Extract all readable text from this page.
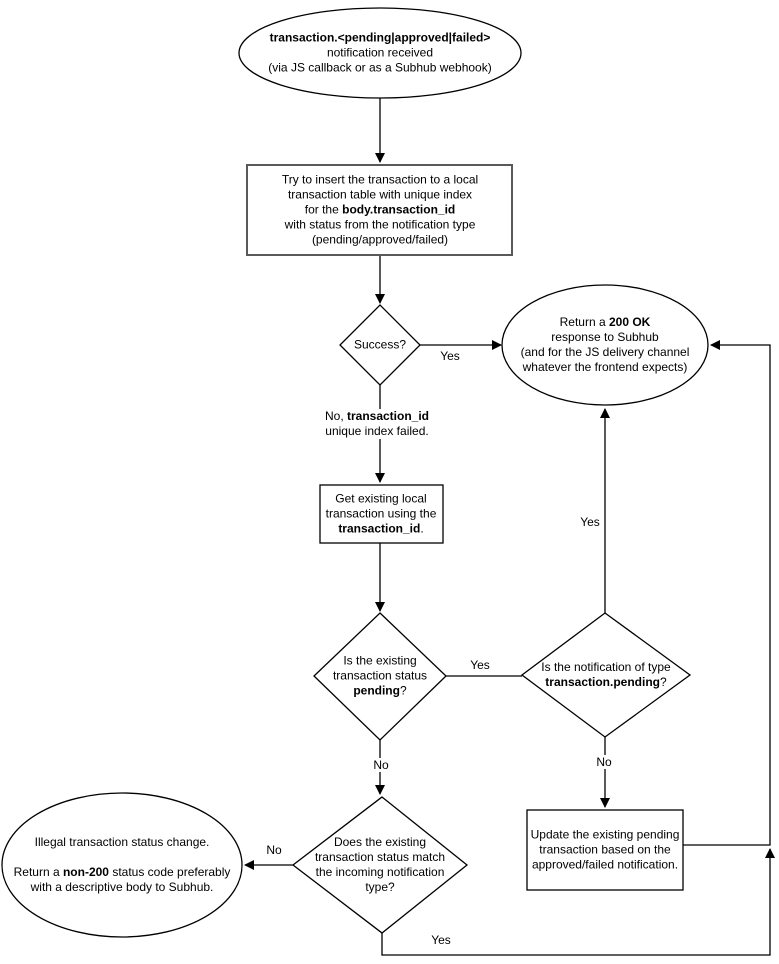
transaction.<pending|approved|failed>
notification received
(via JS callback or as a Subhub webhook)
Try to insert the transaction to a local
transaction table with unique index
for the body.transaction_id
with status from the notification type
(pending/approved/failed)
Success?
Return a 200 OK
response to Subhub
(and for the JS delivery channel
whatever the frontend expects)
Get existing local
transaction using the
transaction_id.
Is the existing
transaction status
pending?
Is the notification of type
transaction.pending?
Update the existing pending
transaction based on the
approved/failed notification.
Does the existing
transaction status match
the incoming notification
type?
Illegal transaction status change.

Return a non-200 status code preferably
with a descriptive body to Subhub.
Yes
No, transaction_id
unique index failed.
Yes
Yes
No	No
No
Yes
